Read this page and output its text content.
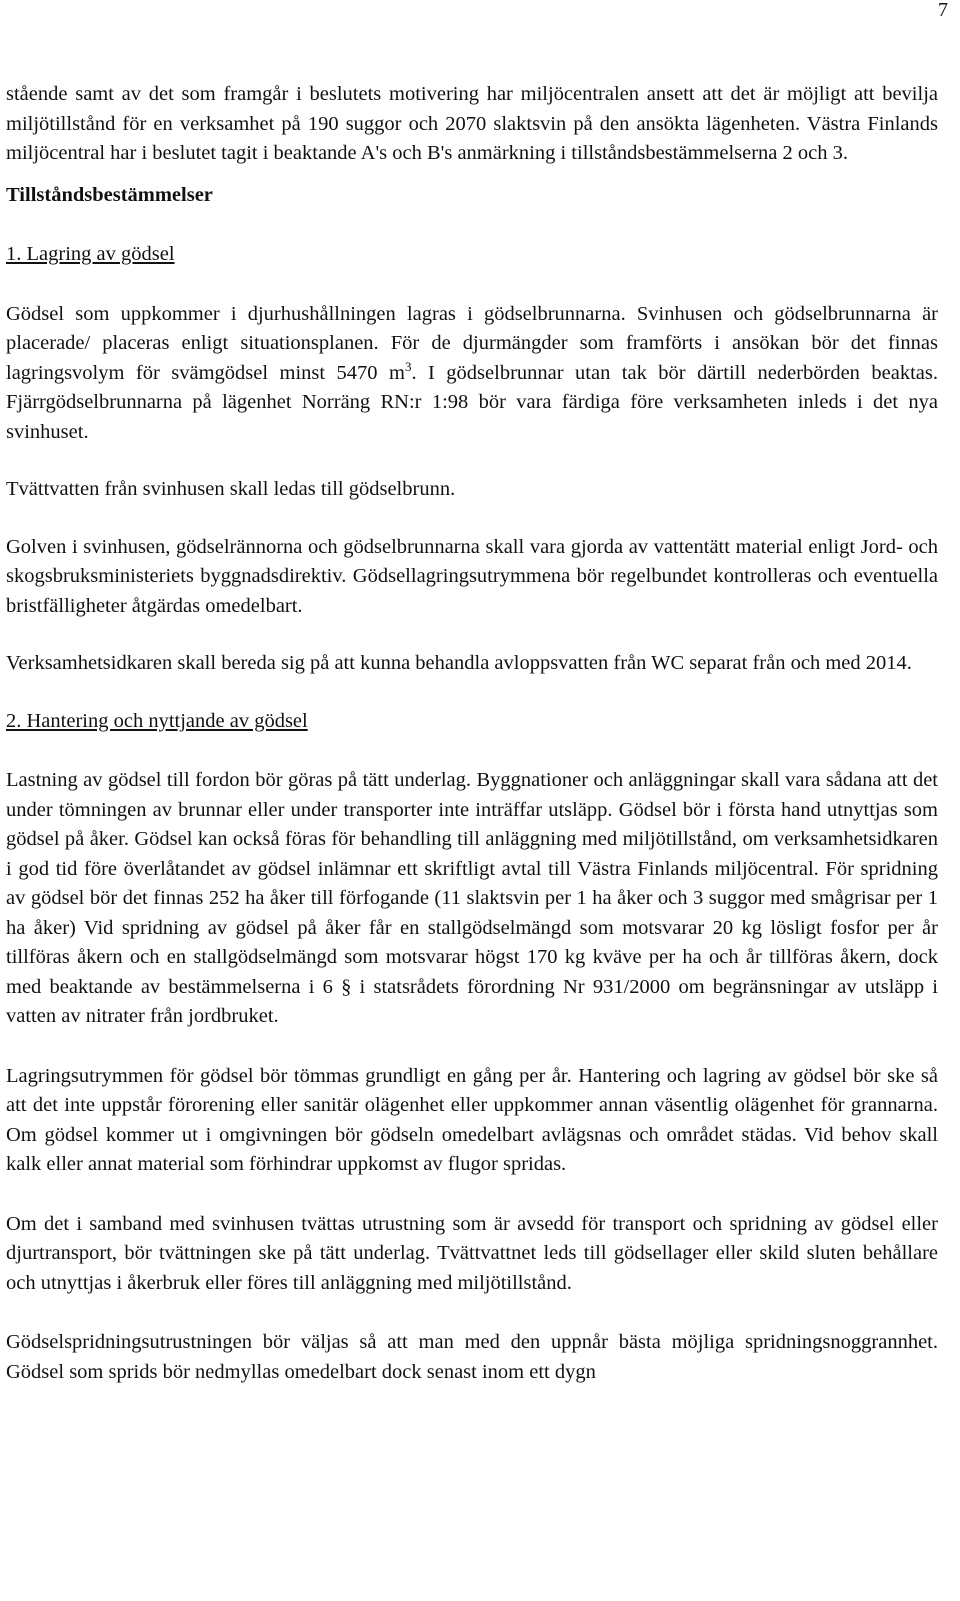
7

stående samt av det som framgår i beslutets motivering har miljöcentralen ansett att det är möjligt att bevilja miljötillstånd för en verksamhet på 190 suggor och 2070 slaktsvin på den ansökta lägenheten. Västra Finlands miljöcentral har i beslutet tagit i beaktande A's och B's anmärkning i tillståndsbestämmelserna 2 och 3.

Tillståndsbestämmelser

1. Lagring av gödsel

Gödsel som uppkommer i djurhushållningen lagras i gödselbrunnarna. Svinhusen och gödselbrunnarna är placerade/ placeras enligt situationsplanen. För de djurmängder som framförts i ansökan bör det finnas lagringsvolym för svämgödsel minst 5470 $m^3$. I gödselbrunnar utan tak bör därtill nederbörden beaktas. Fjärrgödselbrunnarna på lägenhet Norräng RN:r 1:98 bör vara färdiga före verksamheten inleds i det nya svinhuset.

Tvättvatten från svinhusen skall ledas till gödselbrunn.

Golven i svinhusen, gödselrännorna och gödselbrunnarna skall vara gjorda av vattentätt material enligt Jord- och skogsbruksministeriets byggnadsdirektiv. Gödsellagringsutrymmena bör regelbundet kontrolleras och eventuella bristfälligheter åtgärdas omedelbart.

Verksamhetsidkaren skall bereda sig på att kunna behandla avloppsvatten från WC separat från och med 2014.

2. Hantering och nyttjande av gödsel

Lastning av gödsel till fordon bör göras på tätt underlag. Byggnationer och anläggningar skall vara sådana att det under tömningen av brunnar eller under transporter inte inträffar utsläpp. Gödsel bör i första hand utnyttjas som gödsel på åker. Gödsel kan också föras för behandling till anläggning med miljötillstånd, om verksamhetsidkaren i god tid före överlåtandet av gödsel inlämnar ett skriftligt avtal till Västra Finlands miljöcentral. För spridning av gödsel bör det finnas 252 ha åker till förfogande (11 slaktsvin per 1 ha åker och 3 suggor med smågrisar per 1 ha åker) Vid spridning av gödsel på åker får en stallgödselmängd som motsvarar 20 kg lösligt fosfor per år tillföras åkern och en stallgödselmängd som motsvarar högst 170 kg kväve per ha och år tillföras åkern, dock med beaktande av bestämmelserna i 6 § i statsrådets förordning Nr 931/2000 om begränsningar av utsläpp i vatten av nitrater från jordbruket.

Lagringsutrymmen för gödsel bör tömmas grundligt en gång per år. Hantering och lagring av gödsel bör ske så att det inte uppstår förorening eller sanitär olägenhet eller uppkommer annan väsentlig olägenhet för grannarna. Om gödsel kommer ut i omgivningen bör gödseln omedelbart avlägsnas och området städas. Vid behov skall kalk eller annat material som förhindrar uppkomst av flugor spridas.

Om det i samband med svinhusen tvättas utrustning som är avsedd för transport och spridning av gödsel eller djurtransport, bör tvättningen ske på tätt underlag. Tvättvattnet leds till gödsellager eller skild sluten behållare och utnyttjas i åkerbruk eller föres till anläggning med miljötillstånd.

Gödselspridningsutrustningen bör väljas så att man med den uppnår bästa möjliga spridningsnoggrannhet. Gödsel som sprids bör nedmyllas omedelbart dock senast inom ett dygn
